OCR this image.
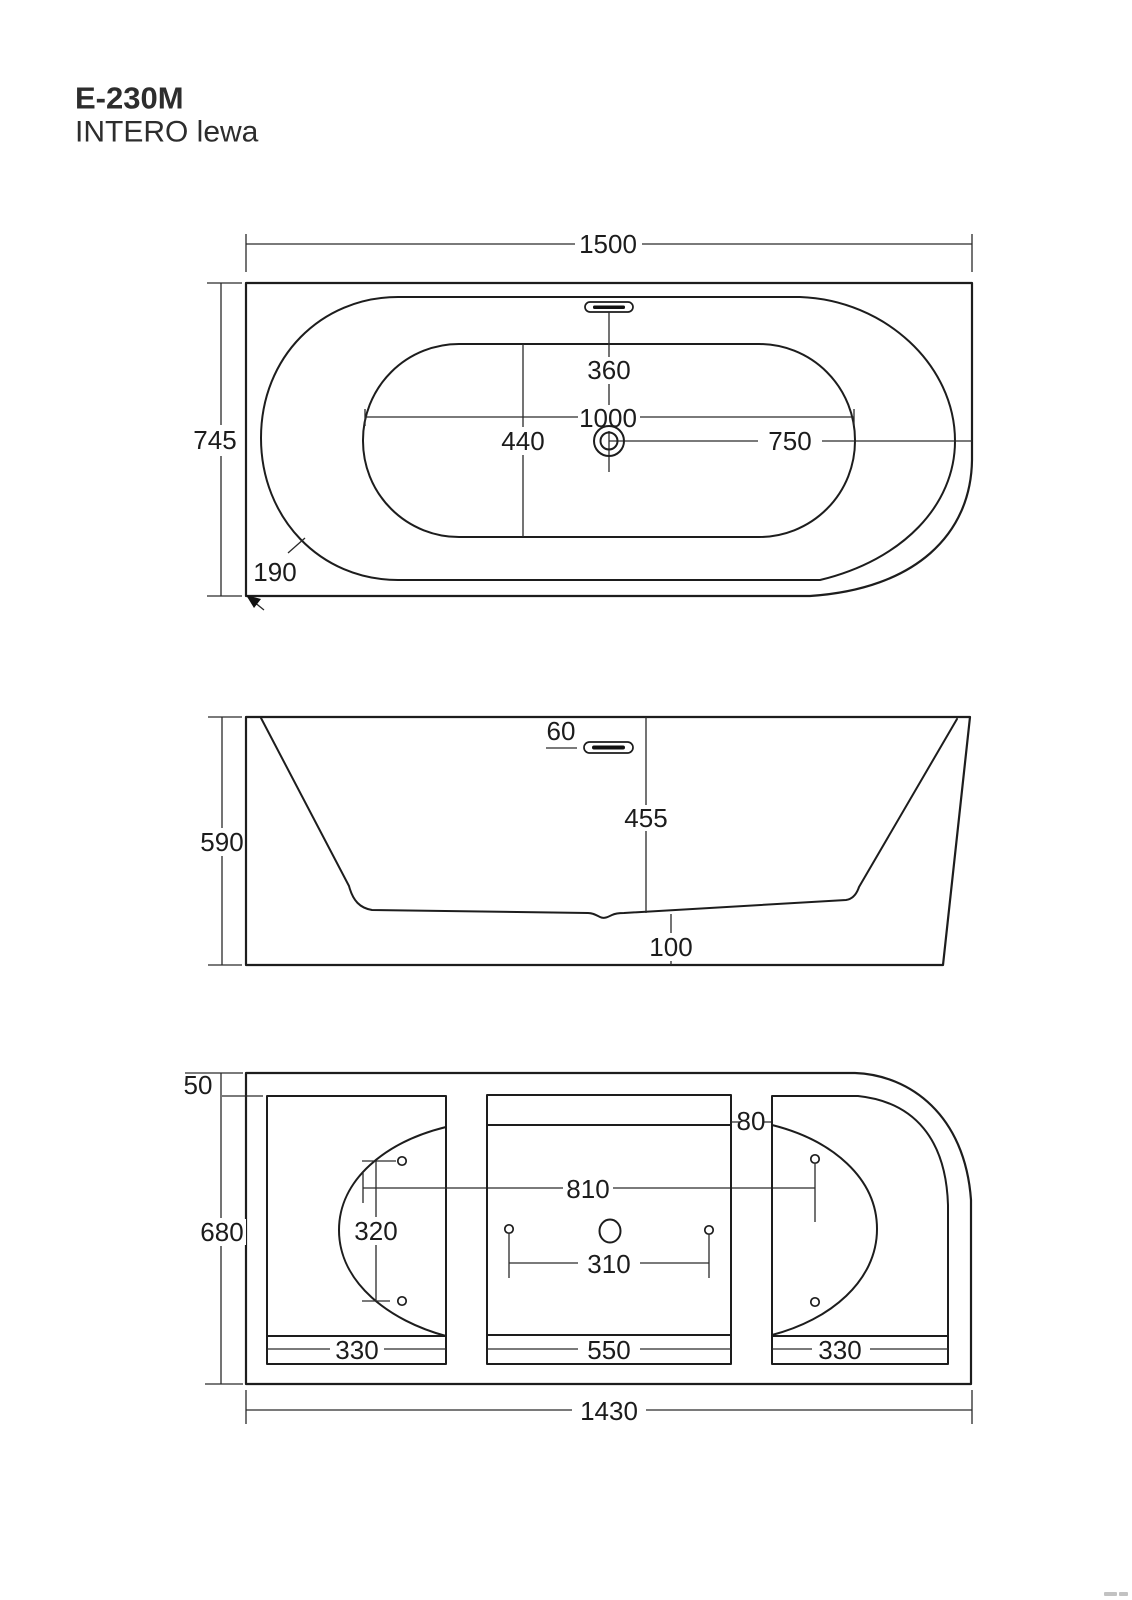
E-230M
INTERO lewa
1500
360
1000
440	750
745
190
60
455
100
590
50
680
330
320
810
550
80
310
330
1430
